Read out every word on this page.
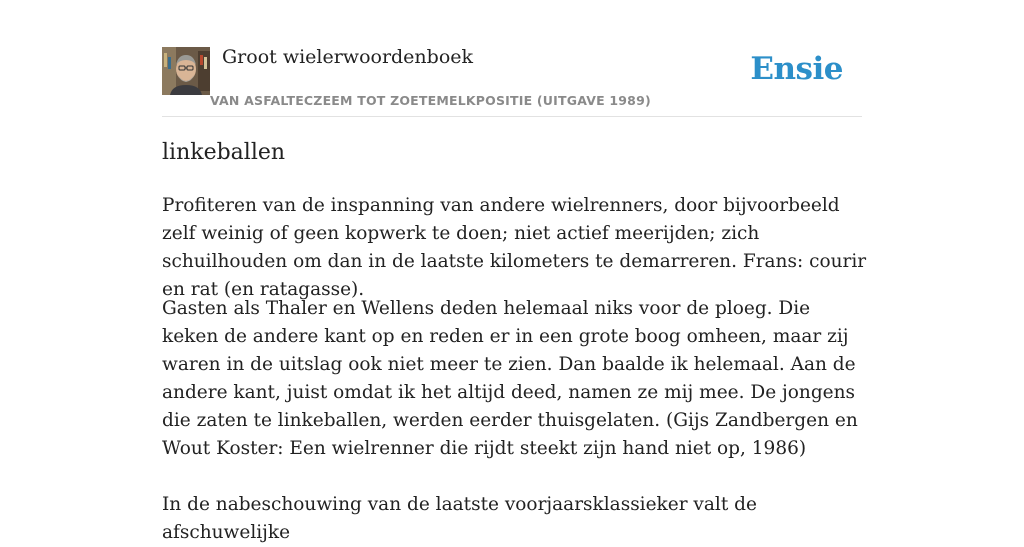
Groot wielerwoordenboek
VAN ASFALTECZEEM TOT ZOETEMELKPOSITIE (UITGAVE 1989)
Ensie
linkeballen

Profiteren van de inspanning van andere wielrenners, door bijvoorbeeld zelf weinig of geen kopwerk te doen; niet actief meerijden; zich schuilhouden om dan in de laatste kilometers te demarreren. Frans: courir en rat (en ratagasse).

Gasten als Thaler en Wellens deden helemaal niks voor de ploeg. Die keken de andere kant op en reden er in een grote boog omheen, maar zij waren in de uitslag ook niet meer te zien. Dan baalde ik helemaal. Aan de andere kant, juist omdat ik het altijd deed, namen ze mij mee. De jongens die zaten te linkeballen, werden eerder thuisgelaten. (Gijs Zandbergen en Wout Koster: Een wielrenner die rijdt steekt zijn hand niet op, 1986)

In de nabeschouwing van de laatste voorjaarsklassieker valt de afschuwelijke
